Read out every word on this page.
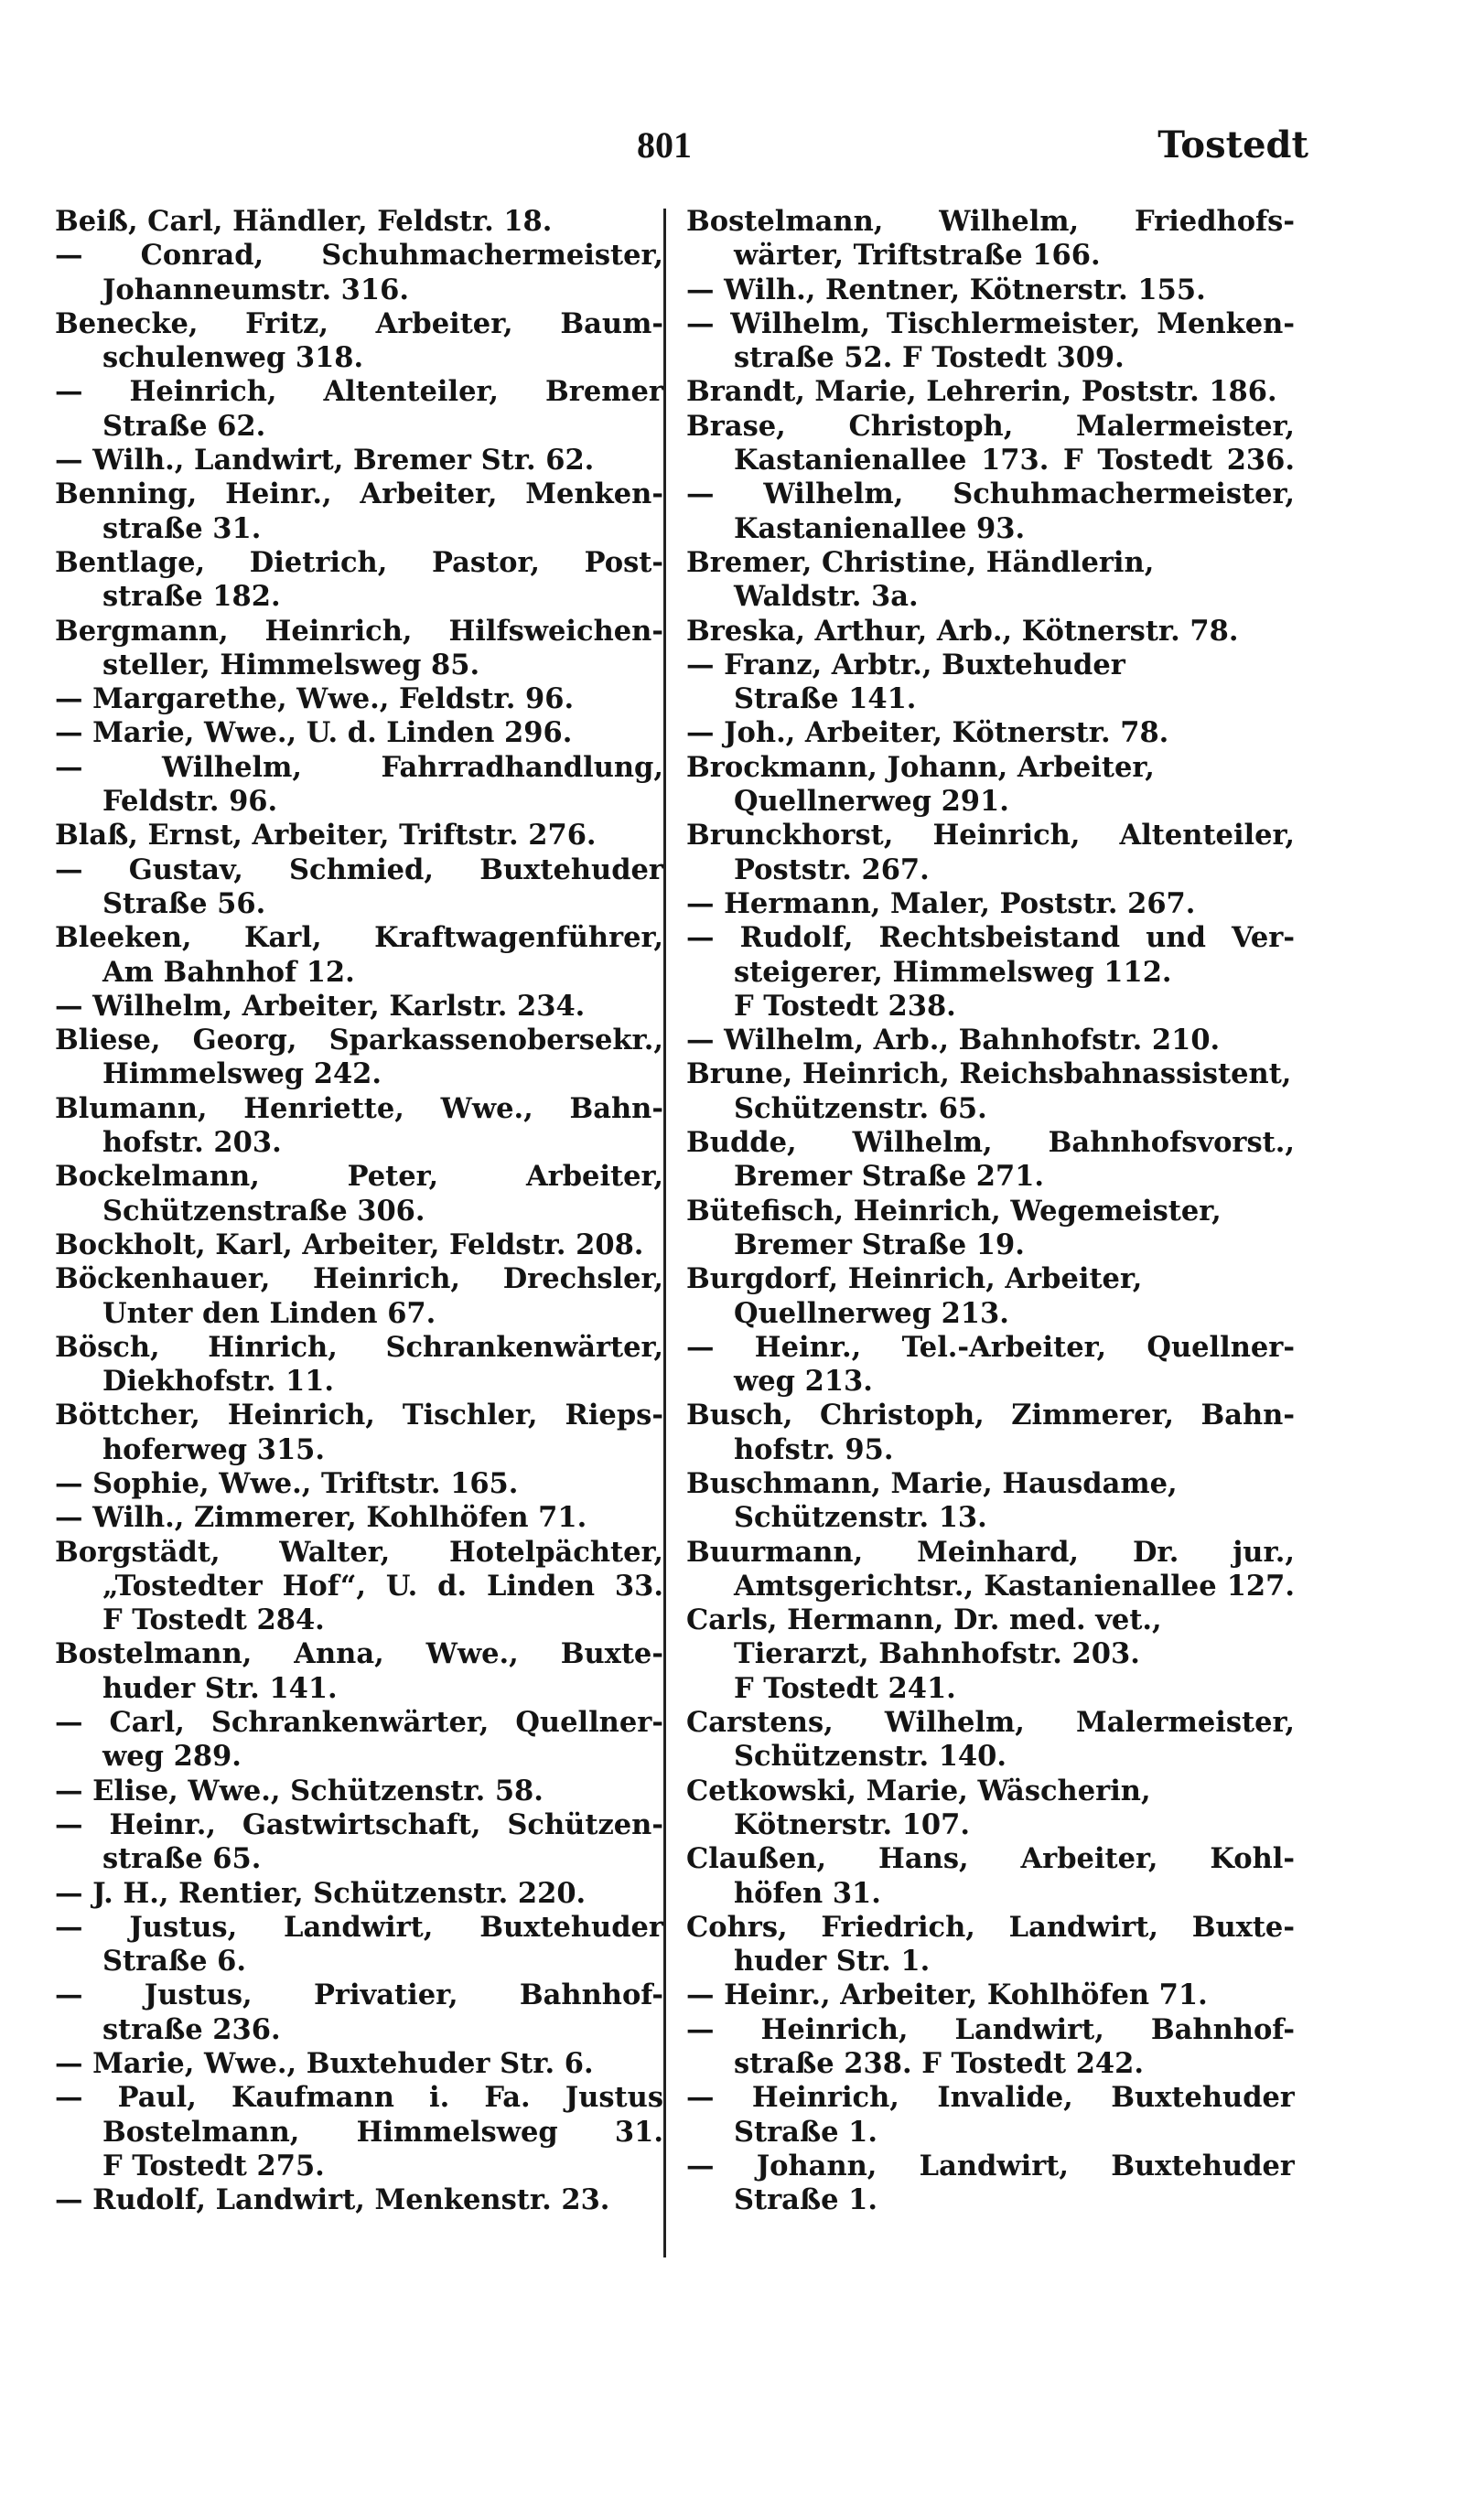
801	Tostedt
Beiß, Carl, Händler, Feldstr. 18.
— Conrad, Schuhmachermeister,
Johanneumstr. 316.
Benecke, Fritz, Arbeiter, Baum-
schulenweg 318.
— Heinrich, Altenteiler, Bremer
Straße 62.
— Wilh., Landwirt, Bremer Str. 62.
Benning, Heinr., Arbeiter, Menken-
straße 31.
Bentlage, Dietrich, Pastor, Post-
straße 182.
Bergmann, Heinrich, Hilfsweichen-
steller, Himmelsweg 85.
— Margarethe, Wwe., Feldstr. 96.
— Marie, Wwe., U. d. Linden 296.
— Wilhelm, Fahrradhandlung,
Feldstr. 96.
Blaß, Ernst, Arbeiter, Triftstr. 276.
— Gustav, Schmied, Buxtehuder
Straße 56.
Bleeken, Karl, Kraftwagenführer,
Am Bahnhof 12.
— Wilhelm, Arbeiter, Karlstr. 234.
Bliese, Georg, Sparkassenobersekr.,
Himmelsweg 242.
Blumann, Henriette, Wwe., Bahn-
hofstr. 203.
Bockelmann, Peter, Arbeiter,
Schützenstraße 306.
Bockholt, Karl, Arbeiter, Feldstr. 208.
Böckenhauer, Heinrich, Drechsler,
Unter den Linden 67.
Bösch, Hinrich, Schrankenwärter,
Diekhofstr. 11.
Böttcher, Heinrich, Tischler, Rieps-
hoferweg 315.
— Sophie, Wwe., Triftstr. 165.
— Wilh., Zimmerer, Kohlhöfen 71.
Borgstädt, Walter, Hotelpächter,
„Tostedter Hof“, U. d. Linden 33.
F Tostedt 284.
Bostelmann, Anna, Wwe., Buxte-
huder Str. 141.
— Carl, Schrankenwärter, Quellner-
weg 289.
— Elise, Wwe., Schützenstr. 58.
— Heinr., Gastwirtschaft, Schützen-
straße 65.
— J. H., Rentier, Schützenstr. 220.
— Justus, Landwirt, Buxtehuder
Straße 6.
— Justus, Privatier, Bahnhof-
straße 236.
— Marie, Wwe., Buxtehuder Str. 6.
— Paul, Kaufmann i. Fa. Justus
Bostelmann, Himmelsweg 31.
F Tostedt 275.
— Rudolf, Landwirt, Menkenstr. 23.
Bostelmann, Wilhelm, Friedhofs-
wärter, Triftstraße 166.
— Wilh., Rentner, Kötnerstr. 155.
— Wilhelm, Tischlermeister, Menken-
straße 52. F Tostedt 309.
Brandt, Marie, Lehrerin, Poststr. 186.
Brase, Christoph, Malermeister,
Kastanienallee 173. F Tostedt 236.
— Wilhelm, Schuhmachermeister,
Kastanienallee 93.
Bremer, Christine, Händlerin,
Waldstr. 3a.
Breska, Arthur, Arb., Kötnerstr. 78.
— Franz, Arbtr., Buxtehuder
Straße 141.
— Joh., Arbeiter, Kötnerstr. 78.
Brockmann, Johann, Arbeiter,
Quellnerweg 291.
Brunckhorst, Heinrich, Altenteiler,
Poststr. 267.
— Hermann, Maler, Poststr. 267.
— Rudolf, Rechtsbeistand und Ver-
steigerer, Himmelsweg 112.
F Tostedt 238.
— Wilhelm, Arb., Bahnhofstr. 210.
Brune, Heinrich, Reichsbahnassistent,
Schützenstr. 65.
Budde, Wilhelm, Bahnhofsvorst.,
Bremer Straße 271.
Bütefisch, Heinrich, Wegemeister,
Bremer Straße 19.
Burgdorf, Heinrich, Arbeiter,
Quellnerweg 213.
— Heinr., Tel.-Arbeiter, Quellner-
weg 213.
Busch, Christoph, Zimmerer, Bahn-
hofstr. 95.
Buschmann, Marie, Hausdame,
Schützenstr. 13.
Buurmann, Meinhard, Dr. jur.,
Amtsgerichtsr., Kastanienallee 127.
Carls, Hermann, Dr. med. vet.,
Tierarzt, Bahnhofstr. 203.
F Tostedt 241.
Carstens, Wilhelm, Malermeister,
Schützenstr. 140.
Cetkowski, Marie, Wäscherin,
Kötnerstr. 107.
Claußen, Hans, Arbeiter, Kohl-
höfen 31.
Cohrs, Friedrich, Landwirt, Buxte-
huder Str. 1.
— Heinr., Arbeiter, Kohlhöfen 71.
— Heinrich, Landwirt, Bahnhof-
straße 238. F Tostedt 242.
— Heinrich, Invalide, Buxtehuder
Straße 1.
— Johann, Landwirt, Buxtehuder
Straße 1.
